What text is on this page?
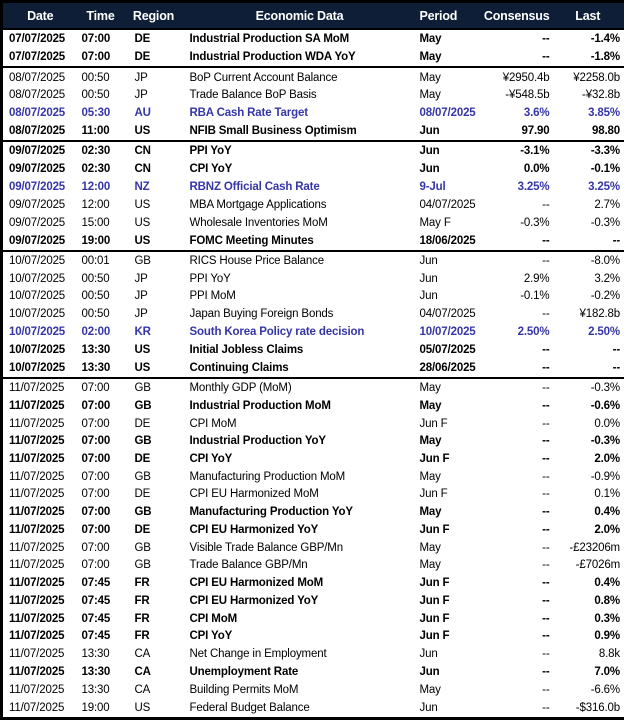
Date	Time	Region	Economic Data	Period	Consensus	Last
07/07/2025	07:00	DE	Industrial Production SA MoM	May	--	-1.4%
07/07/2025	07:00	DE	Industrial Production WDA YoY	May	--	-1.8%
08/07/2025	00:50	JP	BoP Current Account Balance	May	¥2950.4b	¥2258.0b
08/07/2025	00:50	JP	Trade Balance BoP Basis	May	-¥548.5b	-¥32.8b
08/07/2025	05:30	AU	RBA Cash Rate Target	08/07/2025	3.6%	3.85%
08/07/2025	11:00	US	NFIB Small Business Optimism	Jun	97.90	98.80
09/07/2025	02:30	CN	PPI YoY	Jun	-3.1%	-3.3%
09/07/2025	02:30	CN	CPI YoY	Jun	0.0%	-0.1%
09/07/2025	12:00	NZ	RBNZ Official Cash Rate	9-Jul	3.25%	3.25%
09/07/2025	12:00	US	MBA Mortgage Applications	04/07/2025	--	2.7%
09/07/2025	15:00	US	Wholesale Inventories MoM	May F	-0.3%	-0.3%
09/07/2025	19:00	US	FOMC Meeting Minutes	18/06/2025	--	--
10/07/2025	00:01	GB	RICS House Price Balance	Jun	--	-8.0%
10/07/2025	00:50	JP	PPI YoY	Jun	2.9%	3.2%
10/07/2025	00:50	JP	PPI MoM	Jun	-0.1%	-0.2%
10/07/2025	00:50	JP	Japan Buying Foreign Bonds	04/07/2025	--	¥182.8b
10/07/2025	02:00	KR	South Korea Policy rate decision	10/07/2025	2.50%	2.50%
10/07/2025	13:30	US	Initial Jobless Claims	05/07/2025	--	--
10/07/2025	13:30	US	Continuing Claims	28/06/2025	--	--
11/07/2025	07:00	GB	Monthly GDP (MoM)	May	--	-0.3%
11/07/2025	07:00	GB	Industrial Production MoM	May	--	-0.6%
11/07/2025	07:00	DE	CPI MoM	Jun F	--	0.0%
11/07/2025	07:00	GB	Industrial Production YoY	May	--	-0.3%
11/07/2025	07:00	DE	CPI YoY	Jun F	--	2.0%
11/07/2025	07:00	GB	Manufacturing Production MoM	May	--	-0.9%
11/07/2025	07:00	DE	CPI EU Harmonized MoM	Jun F	--	0.1%
11/07/2025	07:00	GB	Manufacturing Production YoY	May	--	0.4%
11/07/2025	07:00	DE	CPI EU Harmonized YoY	Jun F	--	2.0%
11/07/2025	07:00	GB	Visible Trade Balance GBP/Mn	May	--	-£23206m
11/07/2025	07:00	GB	Trade Balance GBP/Mn	May	--	-£7026m
11/07/2025	07:45	FR	CPI EU Harmonized MoM	Jun F	--	0.4%
11/07/2025	07:45	FR	CPI EU Harmonized YoY	Jun F	--	0.8%
11/07/2025	07:45	FR	CPI MoM	Jun F	--	0.3%
11/07/2025	07:45	FR	CPI YoY	Jun F	--	0.9%
11/07/2025	13:30	CA	Net Change in Employment	Jun	--	8.8k
11/07/2025	13:30	CA	Unemployment Rate	Jun	--	7.0%
11/07/2025	13:30	CA	Building Permits MoM	May	--	-6.6%
11/07/2025	19:00	US	Federal Budget Balance	Jun	--	-$316.0b
